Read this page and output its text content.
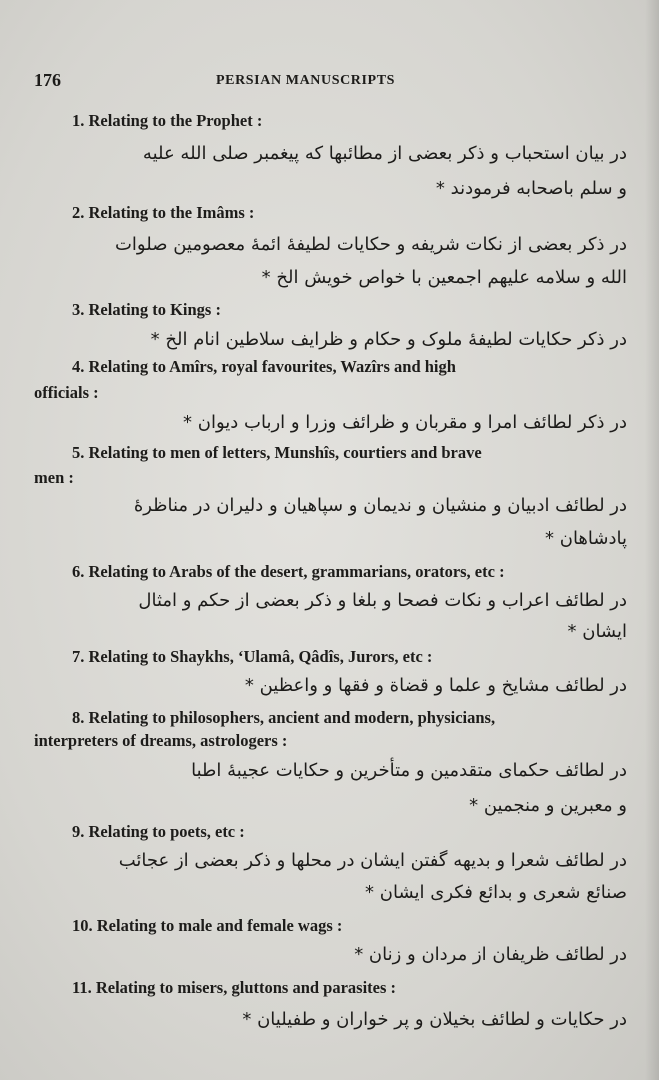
176	PERSIAN MANUSCRIPTS
1. Relating to the Prophet :
در بیان استحباب و ذکر بعضی از مطائبها که پیغمبر صلی الله علیه
و سلم باصحابه فرمودند *
2. Relating to the Imâms :
در ذکر بعضی از نکات شریفه و حکایات لطیفهٔ ائمهٔ معصومین صلوات
الله و سلامه علیهم اجمعین با خواص خویش الخ *
3. Relating to Kings :
در ذکر حکایات لطیفهٔ ملوک و حکام و ظرایف سلاطین انام الخ *
4. Relating to Amîrs, royal favourites, Wazîrs and high
officials :
در ذکر لطائف امرا و مقربان و ظرائف وزرا و ارباب دیوان *
5. Relating to men of letters, Munshîs, courtiers and brave
men :
در لطائف ادبیان و منشیان و ندیمان و سپاهیان و دلیران در مناظرهٔ
پادشاهان *
6. Relating to Arabs of the desert, grammarians, orators, etc :
در لطائف اعراب و نکات فصحا و بلغا و ذکر بعضی از حکم و امثال
ایشان *
7. Relating to Shaykhs, ‘Ulamâ, Qâdîs, Jurors, etc :
در لطائف مشایخ و علما و قضاة و فقها و واعظین *
8. Relating to philosophers, ancient and modern, physicians,
interpreters of dreams, astrologers :
در لطائف حکمای متقدمین و متأخرین و حکایات عجیبهٔ اطبا
و معبرین و منجمین *
9. Relating to poets, etc :
در لطائف شعرا و بدیهه گفتن ایشان در محلها و ذکر بعضی از عجائب
صنائع شعری و بدائع فکری ایشان *
10. Relating to male and female wags :
در لطائف ظریفان از مردان و زنان *
11. Relating to misers, gluttons and parasites :
در حکایات و لطائف بخیلان و پر خواران و طفیلیان *
